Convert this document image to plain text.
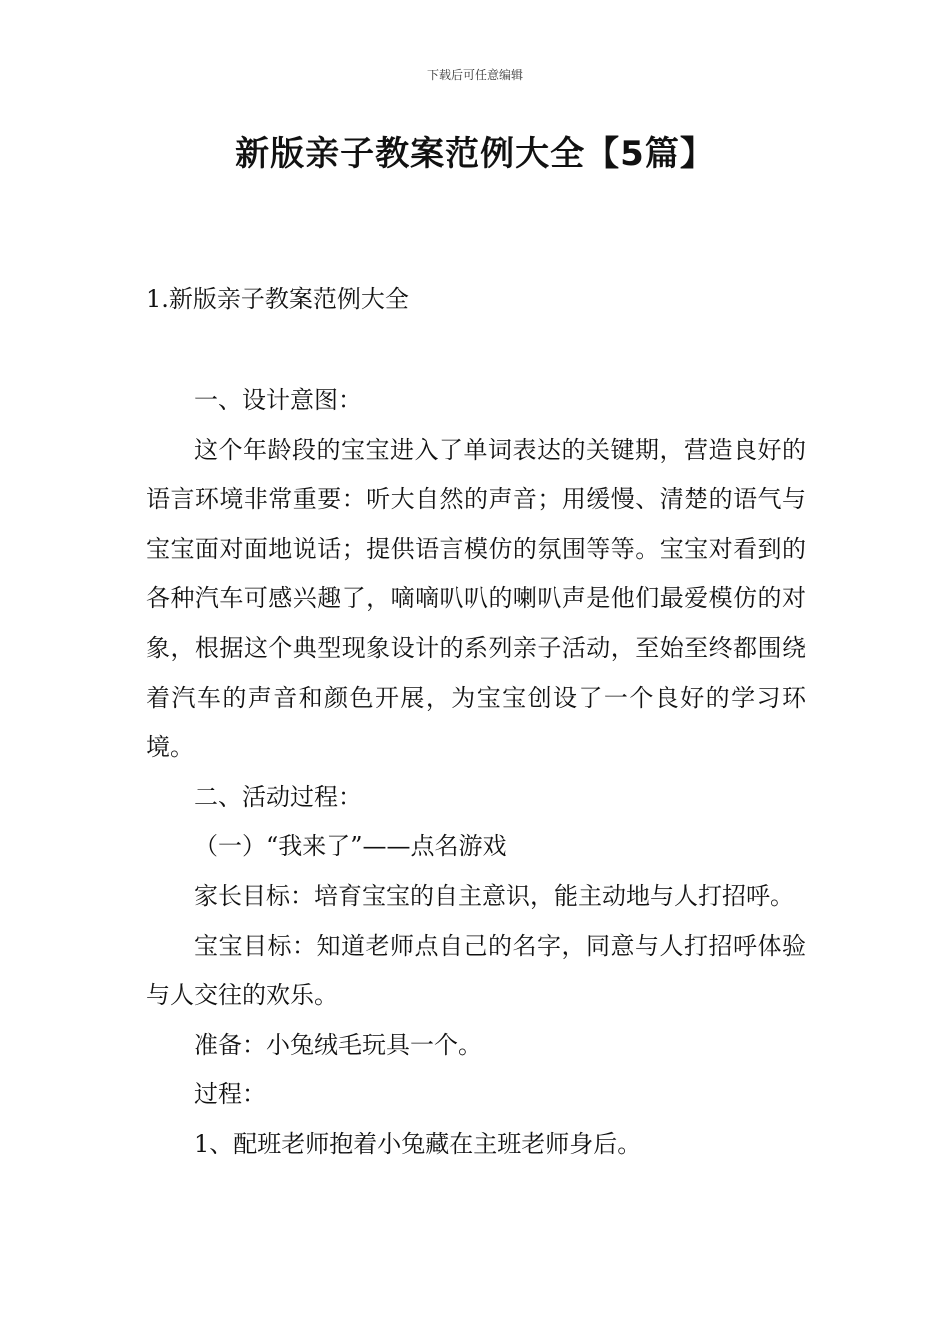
下载后可任意编辑
新版亲子教案范例大全【5篇】
1.新版亲子教案范例大全

一、设计意图：

这个年龄段的宝宝进入了单词表达的关键期，营造良好的语言环境非常重要：听大自然的声音；用缓慢、清楚的语气与宝宝面对面地说话；提供语言模仿的氛围等等。宝宝对看到的各种汽车可感兴趣了，嘀嘀叭叭的喇叭声是他们最爱模仿的对象，根据这个典型现象设计的系列亲子活动，至始至终都围绕着汽车的声音和颜色开展，为宝宝创设了一个良好的学习环境。

二、活动过程：

（一）“我来了”——点名游戏

家长目标：培育宝宝的自主意识，能主动地与人打招呼。

宝宝目标：知道老师点自己的名字，同意与人打招呼体验与人交往的欢乐。

准备：小兔绒毛玩具一个。

过程：

1、配班老师抱着小兔藏在主班老师身后。
